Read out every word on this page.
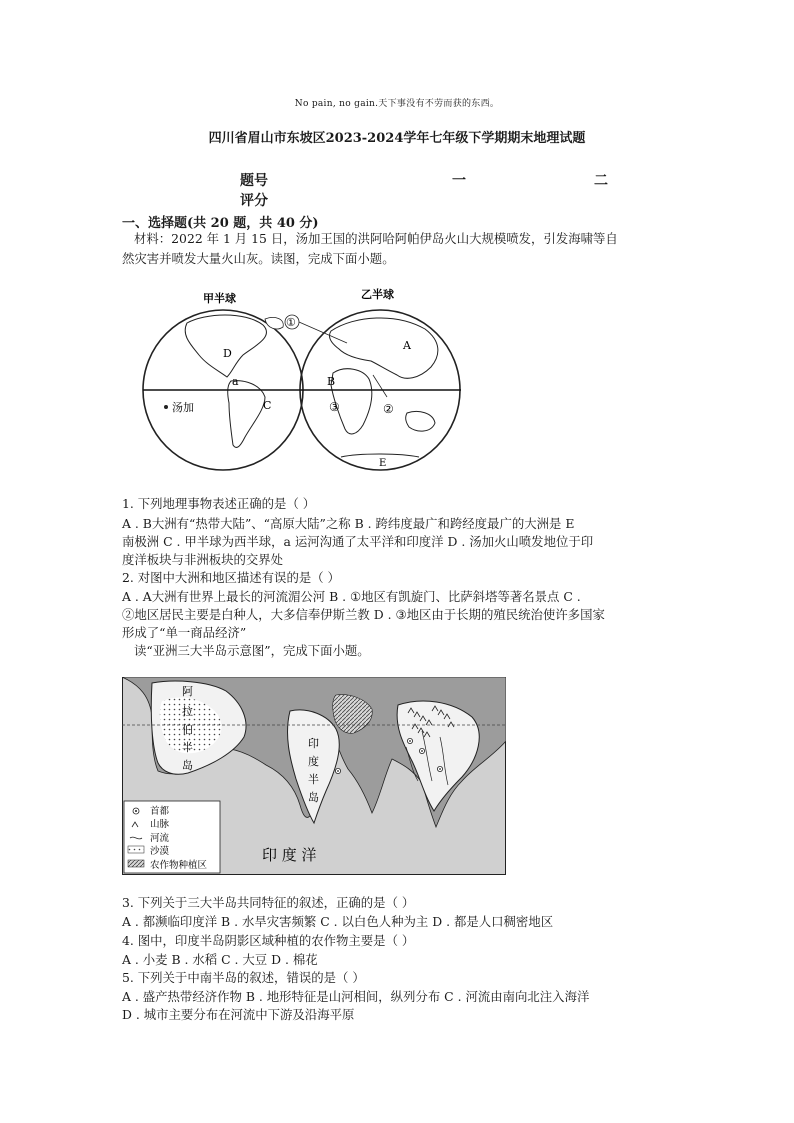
No pain, no gain.天下事没有不劳而获的东西。
四川省眉山市东坡区2023-2024学年七年级下学期期末地理试题
题号	一	二
评分
一、选择题(共 20 题，共 40 分)
材料：2022 年 1 月 15 日，汤加王国的洪阿哈阿帕伊岛火山大规模喷发，引发海啸等自
然灾害并喷发大量火山灰。读图，完成下面小题。
甲半球	乙半球
D
a
C
汤加
①
A
B
③	②
E
1. 下列地理事物表述正确的是（ ）
A . B大洲有“热带大陆”、“高原大陆”之称 B . 跨纬度最广和跨经度最广的大洲是 E
南极洲 C . 甲半球为西半球，a 运河沟通了太平洋和印度洋 D . 汤加火山喷发地位于印
度洋板块与非洲板块的交界处
2. 对图中大洲和地区描述有误的是（ ）
A . A大洲有世界上最长的河流湄公河 B . ①地区有凯旋门、比萨斜塔等著名景点 C .
②地区居民主要是白种人，大多信奉伊斯兰教 D . ③地区由于长期的殖民统治使许多国家
形成了“单一商品经济”
读“亚洲三大半岛示意图”，完成下面小题。
阿
拉
伯
半
岛
印
度
半
岛
印 度 洋
首都
山脉
河流
沙漠
农作物种植区
3. 下列关于三大半岛共同特征的叙述，正确的是（ ）
A . 都濒临印度洋 B . 水旱灾害频繁 C . 以白色人种为主 D . 都是人口稠密地区
4. 图中，印度半岛阴影区域种植的农作物主要是（ ）
A . 小麦 B . 水稻 C . 大豆 D . 棉花
5. 下列关于中南半岛的叙述，错误的是（ ）
A . 盛产热带经济作物 B . 地形特征是山河相间，纵列分布 C . 河流由南向北注入海洋
D . 城市主要分布在河流中下游及沿海平原
